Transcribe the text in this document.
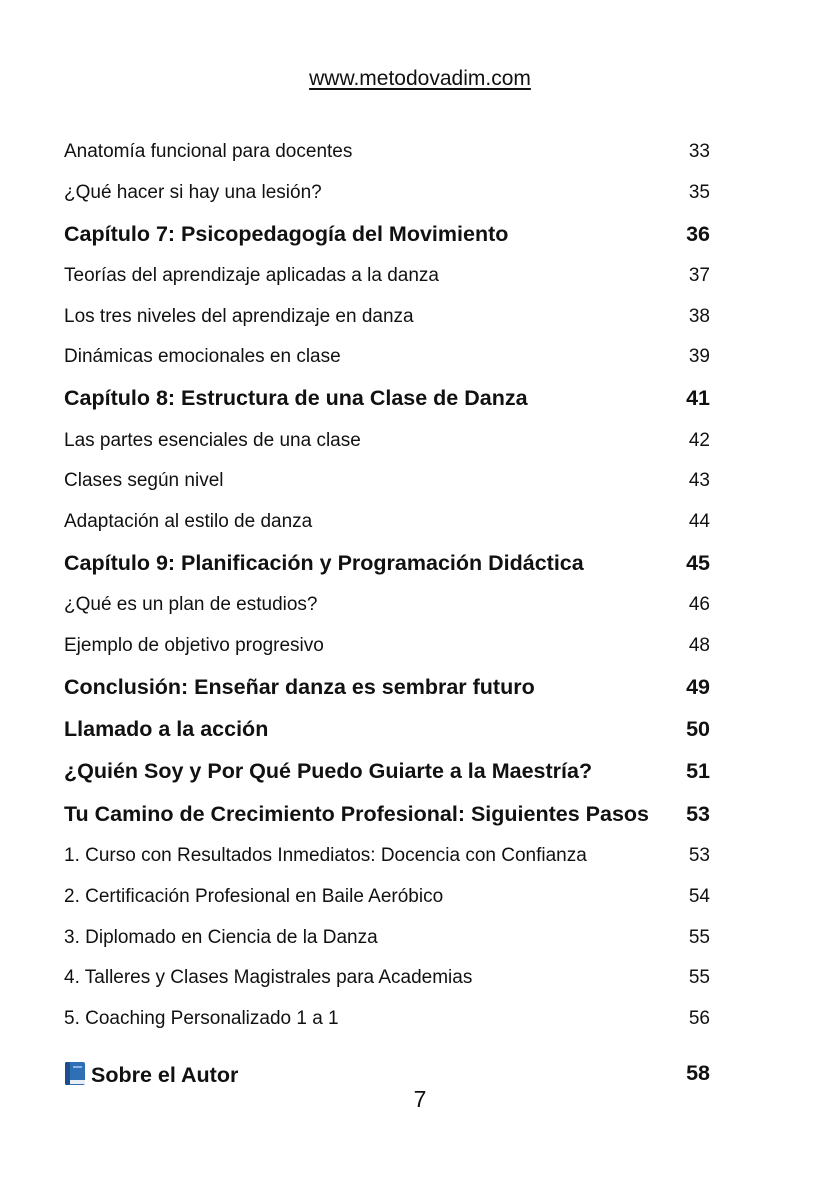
www.metodovadim.com
Anatomía funcional para docentes	33
¿Qué hacer si hay una lesión?	35
Capítulo 7: Psicopedagogía del Movimiento	36
Teorías del aprendizaje aplicadas a la danza	37
Los tres niveles del aprendizaje en danza	38
Dinámicas emocionales en clase	39
Capítulo 8: Estructura de una Clase de Danza	41
Las partes esenciales de una clase	42
Clases según nivel	43
Adaptación al estilo de danza	44
Capítulo 9: Planificación y Programación Didáctica	45
¿Qué es un plan de estudios?	46
Ejemplo de objetivo progresivo	48
Conclusión: Enseñar danza es sembrar futuro	49
Llamado a la acción	50
¿Quién Soy y Por Qué Puedo Guiarte a la Maestría?	51
Tu Camino de Crecimiento Profesional: Siguientes Pasos 53
1. Curso con Resultados Inmediatos: Docencia con Confianza	53
2. Certificación Profesional en Baile Aeróbico	54
3. Diplomado en Ciencia de la Danza	55
4. Talleres y Clases Magistrales para Academias	55
5. Coaching Personalizado 1 a 1	56
Sobre el Autor	58
7
